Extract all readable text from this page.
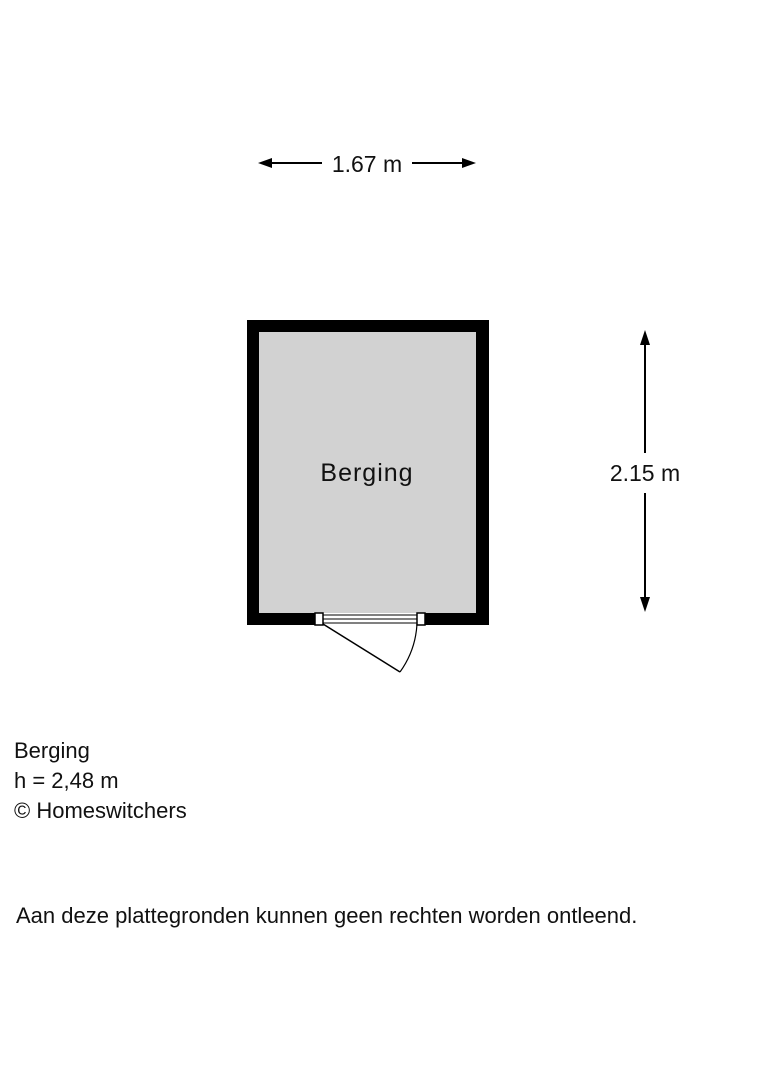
1.67 m
Berging	2.15 m
Berging
h = 2,48 m
© Homeswitchers
Aan deze plattegronden kunnen geen rechten worden ontleend.
